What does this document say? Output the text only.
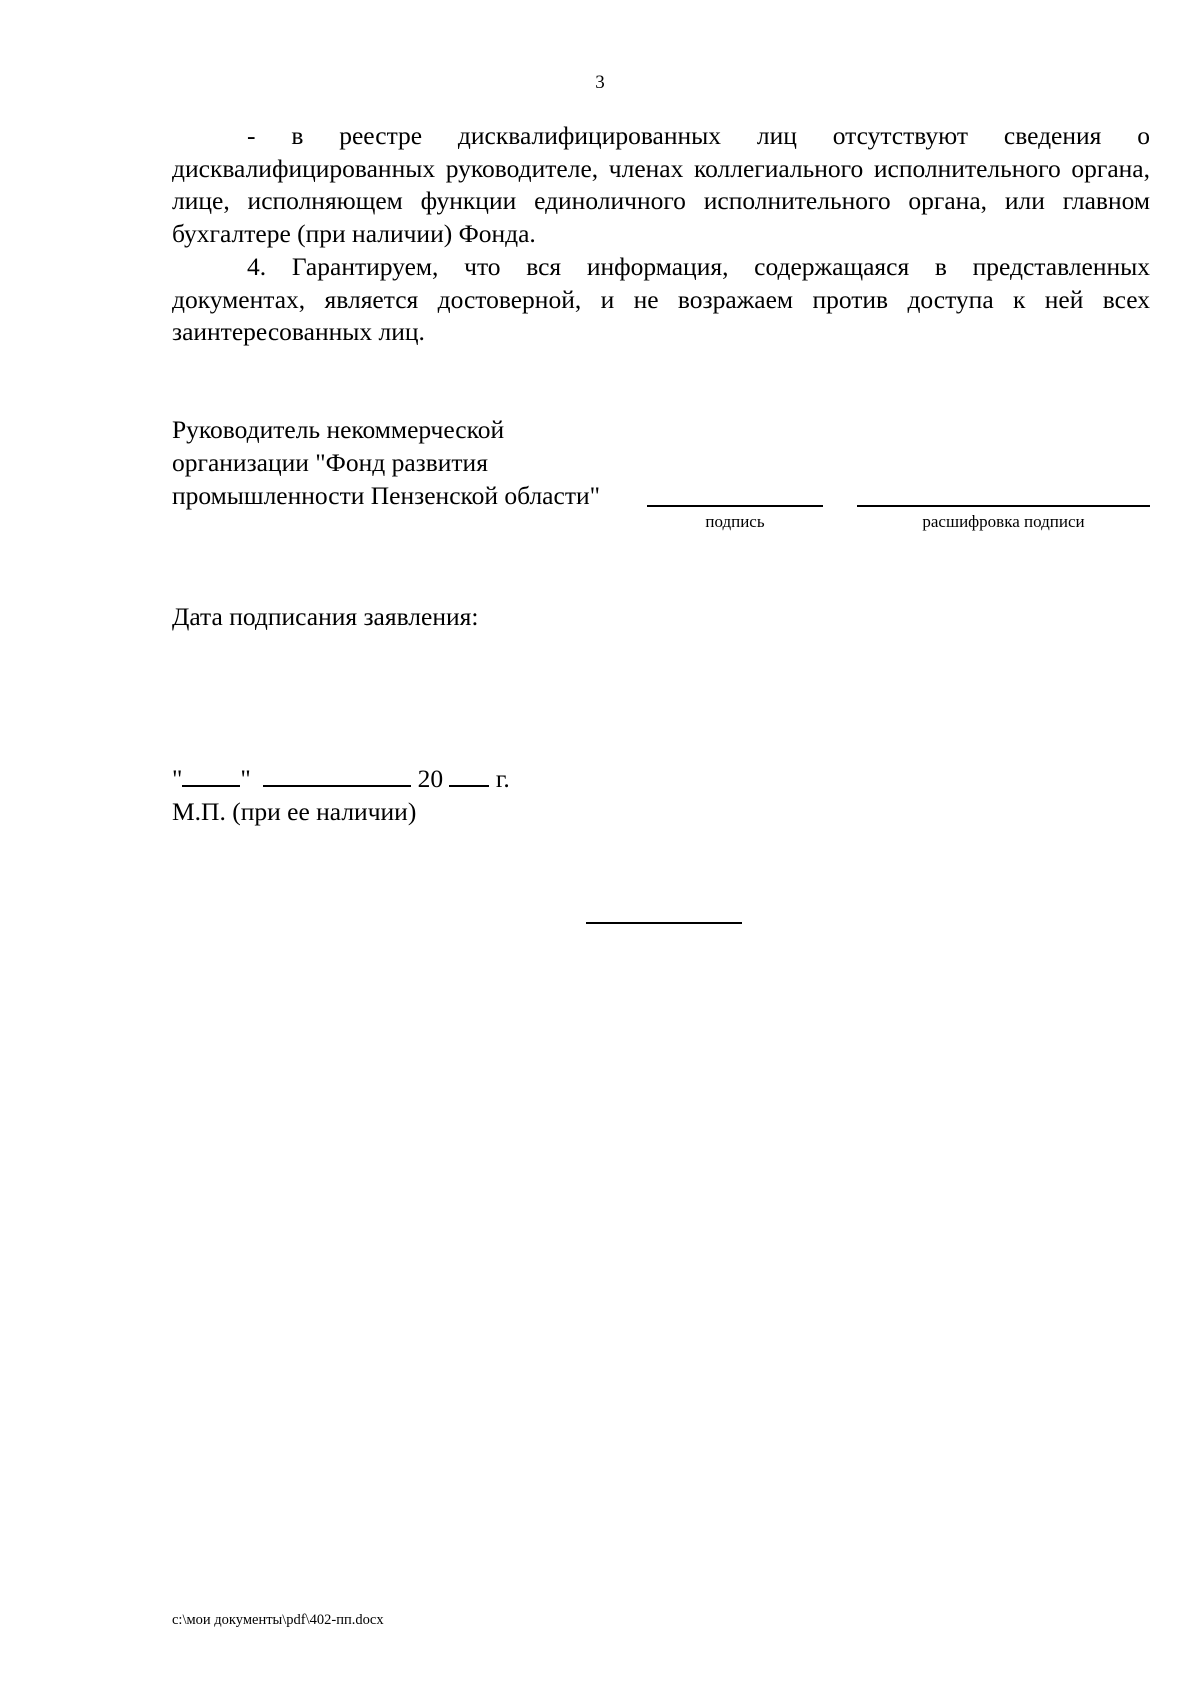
3

- в реестре дисквалифицированных лиц отсутствуют сведения о дисквалифицированных руководителе, членах коллегиального исполнительного органа, лице, исполняющем функции единоличного исполнительного органа, или главном бухгалтере (при наличии) Фонда.

4. Гарантируем, что вся информация, содержащаяся в представленных документах, является достоверной, и не возражаем против доступа к ней всех заинтересованных лиц.

Руководитель некоммерческой
организации "Фонд развития
промышленности Пензенской области"
подпись	расшифровка подписи
Дата подписания заявления:
" "	20 г.
М.П. (при ее наличии)
c:\мои документы\pdf\402-пп.docx
